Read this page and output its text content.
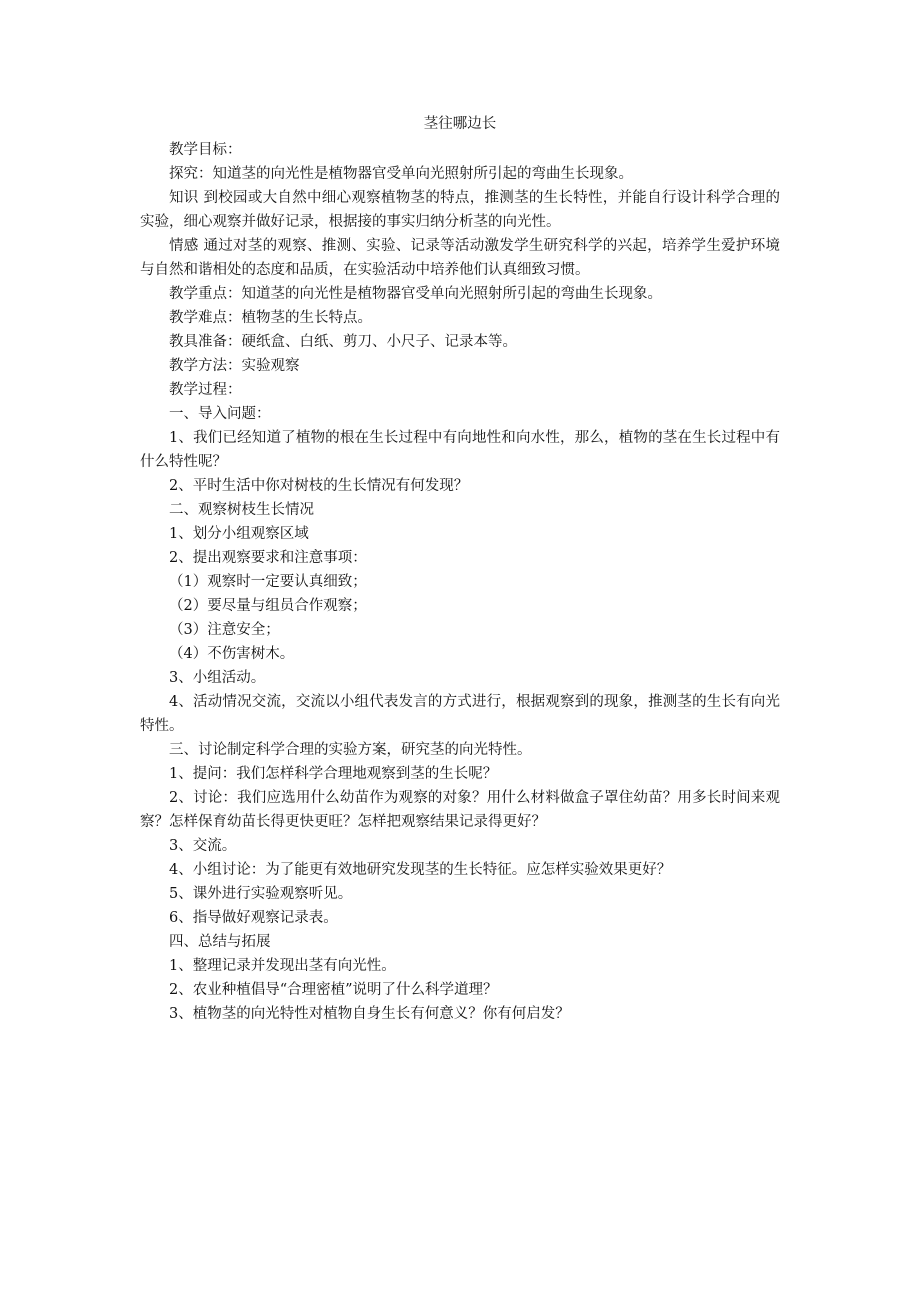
茎往哪边长

教学目标：

探究：知道茎的向光性是植物器官受单向光照射所引起的弯曲生长现象。

知识 到校园或大自然中细心观察植物茎的特点，推测茎的生长特性，并能自行设计科学合理的实验，细心观察并做好记录，根据接的事实归纳分析茎的向光性。

情感 通过对茎的观察、推测、实验、记录等活动激发学生研究科学的兴起，培养学生爱护环境与自然和谐相处的态度和品质，在实验活动中培养他们认真细致习惯。

教学重点：知道茎的向光性是植物器官受单向光照射所引起的弯曲生长现象。

教学难点：植物茎的生长特点。

教具准备：硬纸盒、白纸、剪刀、小尺子、记录本等。

教学方法：实验观察

教学过程：

一、导入问题：

1、我们已经知道了植物的根在生长过程中有向地性和向水性，那么，植物的茎在生长过程中有什么特性呢？

2、平时生活中你对树枝的生长情况有何发现？

二、观察树枝生长情况

1、划分小组观察区域

2、提出观察要求和注意事项：

（1）观察时一定要认真细致；

（2）要尽量与组员合作观察；

（3）注意安全；

（4）不伤害树木。

3、小组活动。

4、活动情况交流，交流以小组代表发言的方式进行，根据观察到的现象，推测茎的生长有向光特性。

三、讨论制定科学合理的实验方案，研究茎的向光特性。

1、提问：我们怎样科学合理地观察到茎的生长呢？

2、讨论：我们应选用什么幼苗作为观察的对象？用什么材料做盒子罩住幼苗？用多长时间来观察？怎样保育幼苗长得更快更旺？怎样把观察结果记录得更好？

3、交流。

4、小组讨论：为了能更有效地研究发现茎的生长特征。应怎样实验效果更好？

5、课外进行实验观察听见。

6、指导做好观察记录表。

四、总结与拓展

1、整理记录并发现出茎有向光性。

2、农业种植倡导“合理密植”说明了什么科学道理？

3、植物茎的向光特性对植物自身生长有何意义？你有何启发？
